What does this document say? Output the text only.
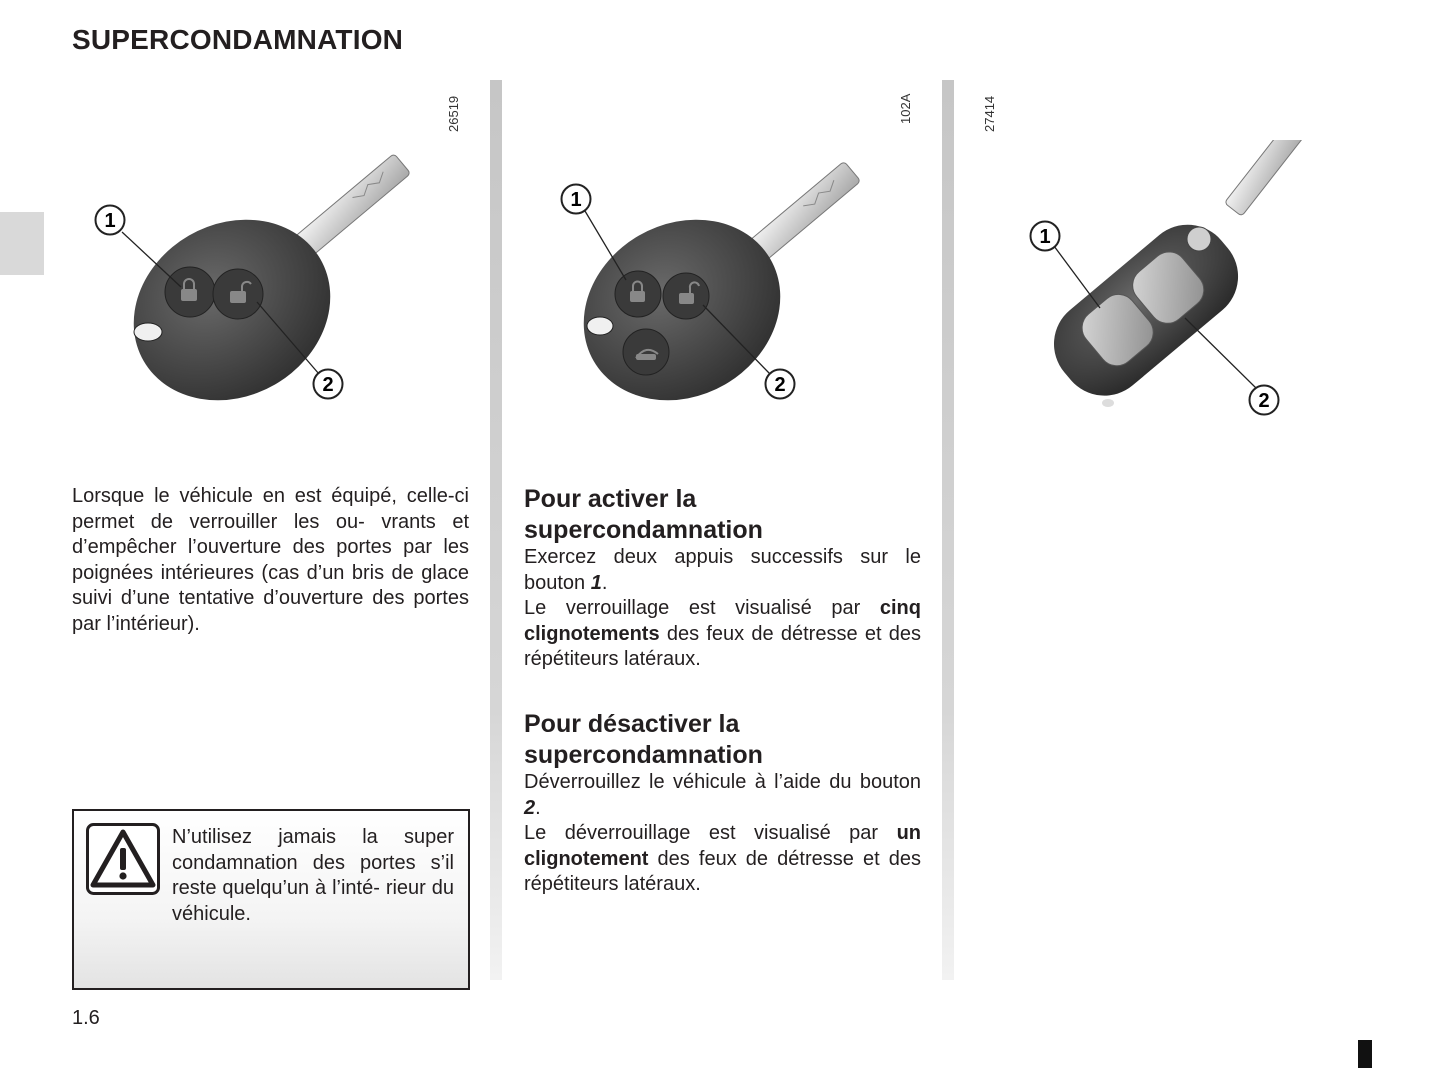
SUPERCONDAMNATION
26519	102A	27414
1
2
1
2
1
2

Lorsque le véhicule en est équipé, celle-ci permet de verrouiller les ou- vrants et d’empêcher l’ouverture des portes par les poignées intérieures (cas d’un bris de glace suivi d’une tentative d’ouverture des portes par l’intérieur).

N’utilisez jamais la super condamnation des portes s’il reste quelqu’un à l’inté- rieur du véhicule.

Pour activer la
supercondamnation

Exercez deux appuis successifs sur le bouton 1.

Le verrouillage est visualisé par cinq clignotements des feux de détresse et des répétiteurs latéraux.

Pour désactiver la
supercondamnation

Déverrouillez le véhicule à l’aide du bouton 2.

Le déverrouillage est visualisé par un clignotement des feux de détresse et des répétiteurs latéraux.

1.6
